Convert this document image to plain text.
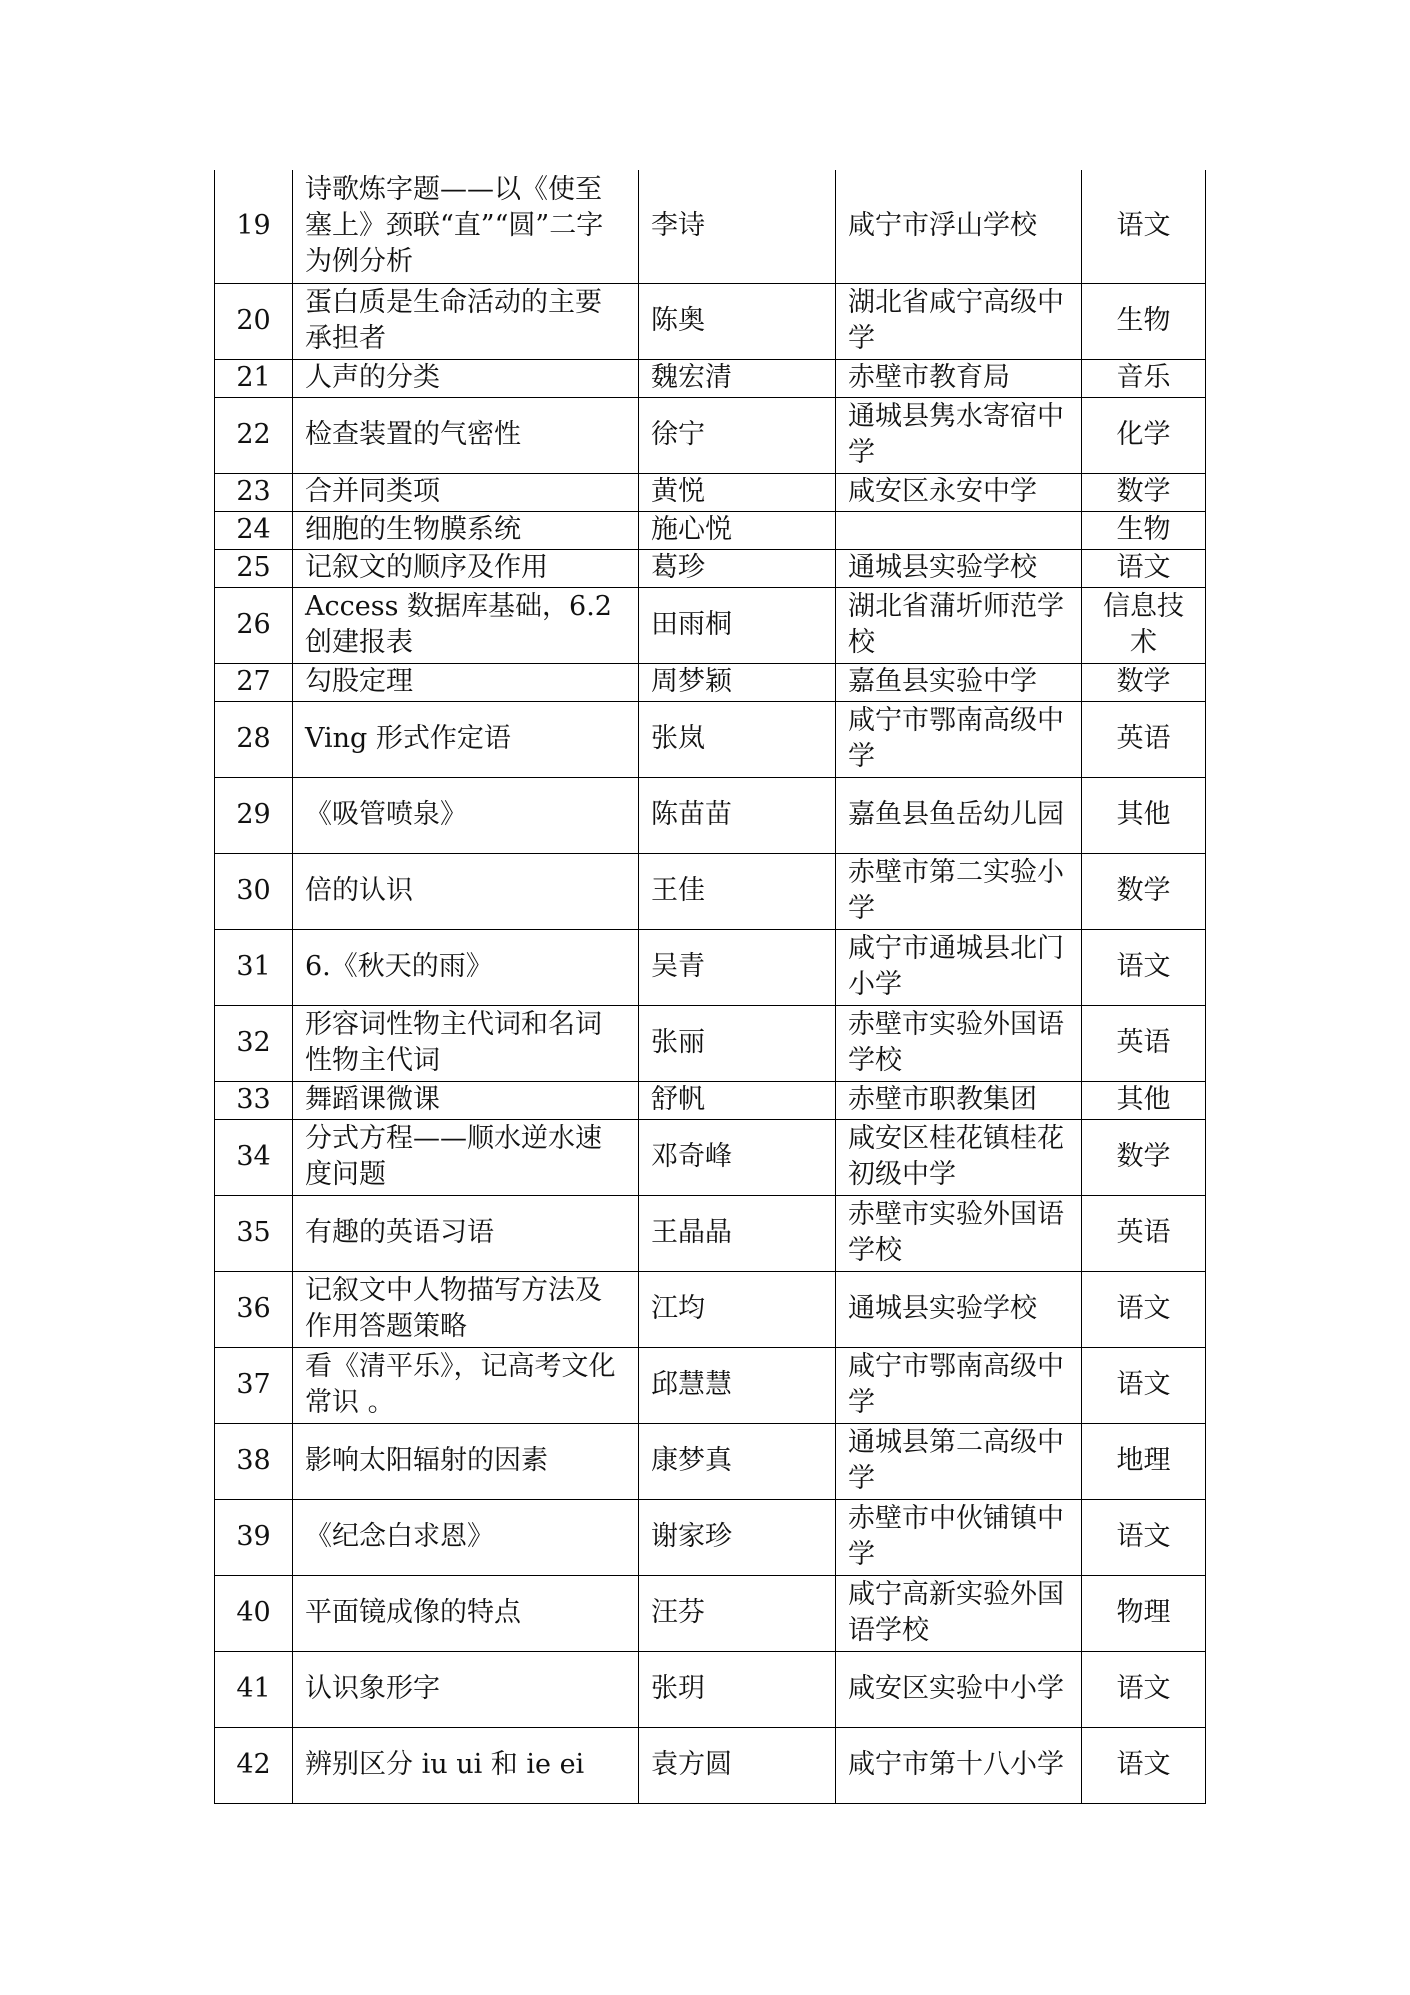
19	诗歌炼字题——以《使至塞上》颈联“直”“圆”二字为例分析	李诗	咸宁市浮山学校	语文
20	蛋白质是生命活动的主要承担者	陈奥	湖北省咸宁高级中学	生物
21	人声的分类	魏宏清	赤壁市教育局	音乐
22	检查装置的气密性	徐宁	通城县隽水寄宿中学	化学
23	合并同类项	黄悦	咸安区永安中学	数学
24	细胞的生物膜系统	施心悦		生物
25	记叙文的顺序及作用	葛珍	通城县实验学校	语文
26	Access 数据库基础，6.2 创建报表	田雨桐	湖北省蒲圻师范学校	信息技术
27	勾股定理	周梦颖	嘉鱼县实验中学	数学
28	Ving 形式作定语	张岚	咸宁市鄂南高级中学	英语
29	《吸管喷泉》	陈苗苗	嘉鱼县鱼岳幼儿园	其他
30	倍的认识	王佳	赤壁市第二实验小学	数学
31	6.《秋天的雨》	吴青	咸宁市通城县北门小学	语文
32	形容词性物主代词和名词性物主代词	张丽	赤壁市实验外国语学校	英语
33	舞蹈课微课	舒帆	赤壁市职教集团	其他
34	分式方程——顺水逆水速度问题	邓奇峰	咸安区桂花镇桂花初级中学	数学
35	有趣的英语习语	王晶晶	赤壁市实验外国语学校	英语
36	记叙文中人物描写方法及作用答题策略	江均	通城县实验学校	语文
37	看《清平乐》，记高考文化常识 。	邱慧慧	咸宁市鄂南高级中学	语文
38	影响太阳辐射的因素	康梦真	通城县第二高级中学	地理
39	《纪念白求恩》	谢家珍	赤壁市中伙铺镇中学	语文
40	平面镜成像的特点	汪芬	咸宁高新实验外国语学校	物理
41	认识象形字	张玥	咸安区实验中小学	语文
42	辨别区分 iu ui 和 ie ei	袁方圆	咸宁市第十八小学	语文
